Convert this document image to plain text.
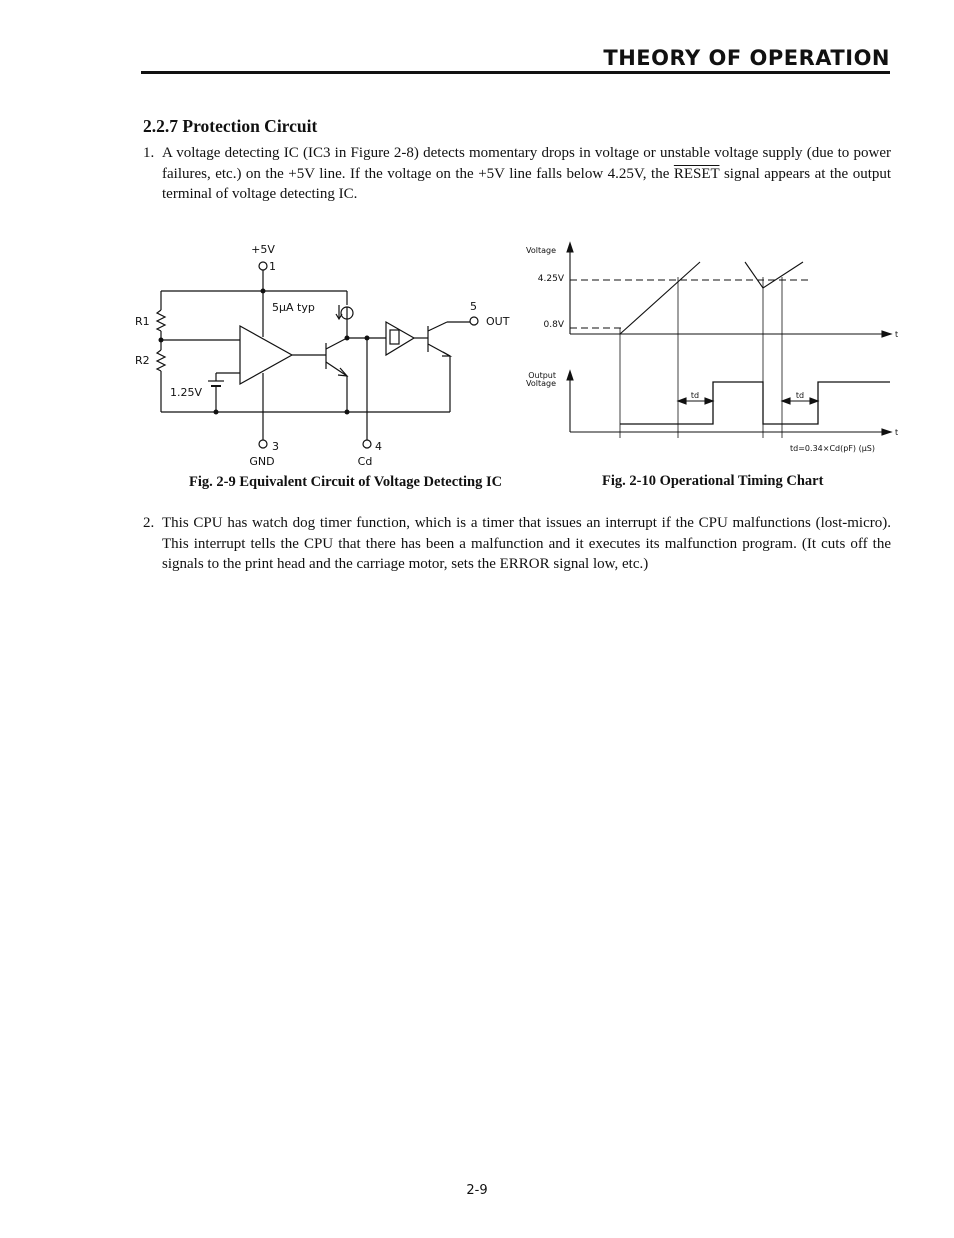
THEORY OF OPERATION
2.2.7 Protection Circuit
1. A voltage detecting IC (IC3 in Figure 2-8) detects momentary drops in voltage or unstable voltage supply (due to power failures, etc.) on the +5V line. If the voltage on the +5V line falls below 4.25V, the RESET signal appears at the output terminal of voltage detecting IC.
+5V
1
R1
R2
5µA typ
1.25V
5
OUT
3	4
GND	Cd
Voltage
4.25V
0.8V
Output
Voltage
t
t
td	td
td=0.34×Cd(pF) (µS)
Fig. 2-9 Equivalent Circuit of Voltage Detecting IC	Fig. 2-10 Operational Timing Chart
2. This CPU has watch dog timer function, which is a timer that issues an interrupt if the CPU malfunctions (lost-micro). This interrupt tells the CPU that there has been a malfunction and it executes its malfunction program. (It cuts off the signals to the print head and the carriage motor, sets the ERROR signal low, etc.)
2-9
